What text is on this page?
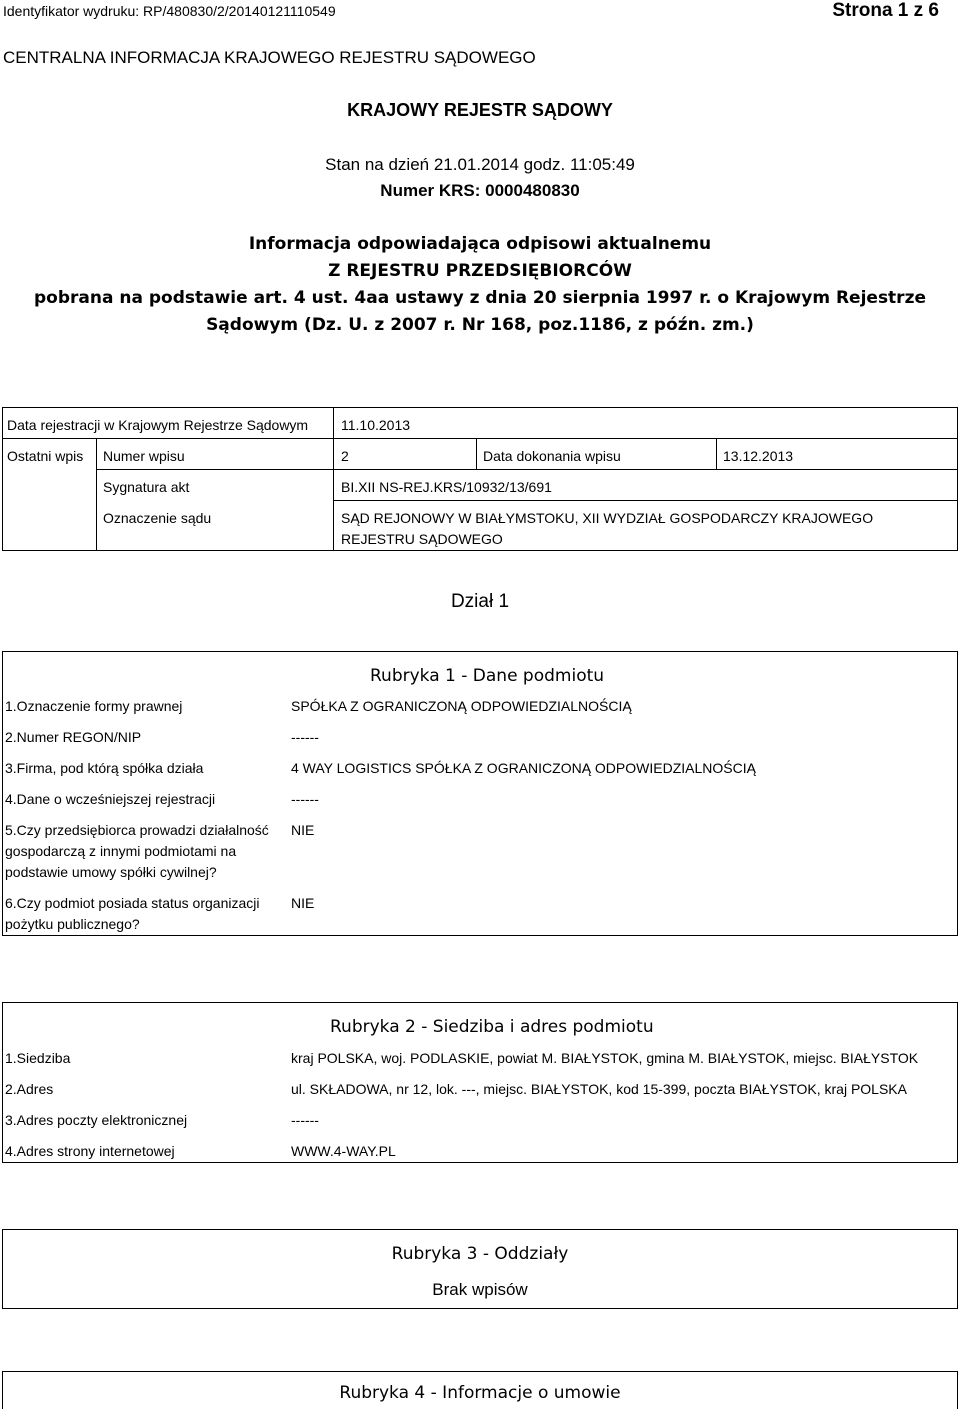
Identyfikator wydruku: RP/480830/2/20140121110549	Strona 1 z 6
CENTRALNA INFORMACJA KRAJOWEGO REJESTRU SĄDOWEGO
KRAJOWY REJESTR SĄDOWY
Stan na dzień 21.01.2014 godz. 11:05:49
Numer KRS: 0000480830
Informacja odpowiadająca odpisowi aktualnemu
Z REJESTRU PRZEDSIĘBIORCÓW
pobrana na podstawie art. 4 ust. 4aa ustawy z dnia 20 sierpnia 1997 r. o Krajowym Rejestrze
Sądowym (Dz. U. z 2007 r. Nr 168, poz.1186, z późn. zm.)
Data rejestracji w Krajowym Rejestrze Sądowym 11.10.2013
Ostatni wpis Numer wpisu	2	Data dokonania wpisu	13.12.2013
Sygnatura akt	BI.XII NS-REJ.KRS/10932/13/691
Oznaczenie sądu	SĄD REJONOWY W BIAŁYMSTOKU, XII WYDZIAŁ GOSPODARCZY KRAJOWEGO REJESTRU SĄDOWEGO
Dział 1
Rubryka 1 - Dane podmiotu
1.Oznaczenie formy prawnej	SPÓŁKA Z OGRANICZONĄ ODPOWIEDZIALNOŚCIĄ
2.Numer REGON/NIP	------
3.Firma, pod którą spółka działa	4 WAY LOGISTICS SPÓŁKA Z OGRANICZONĄ ODPOWIEDZIALNOŚCIĄ
4.Dane o wcześniejszej rejestracji	------
5.Czy przedsiębiorca prowadzi działalność gospodarczą z innymi podmiotami na podstawie umowy spółki cywilnej?
NIE
6.Czy podmiot posiada status organizacji pożytku publicznego?
NIE
Rubryka 2 - Siedziba i adres podmiotu
1.Siedziba	kraj POLSKA, woj. PODLASKIE, powiat M. BIAŁYSTOK, gmina M. BIAŁYSTOK, miejsc. BIAŁYSTOK
2.Adres	ul. SKŁADOWA, nr 12, lok. ---, miejsc. BIAŁYSTOK, kod 15-399, poczta BIAŁYSTOK, kraj POLSKA
3.Adres poczty elektronicznej	------
4.Adres strony internetowej	WWW.4-WAY.PL
Rubryka 3 - Oddziały
Brak wpisów
Rubryka 4 - Informacje o umowie
